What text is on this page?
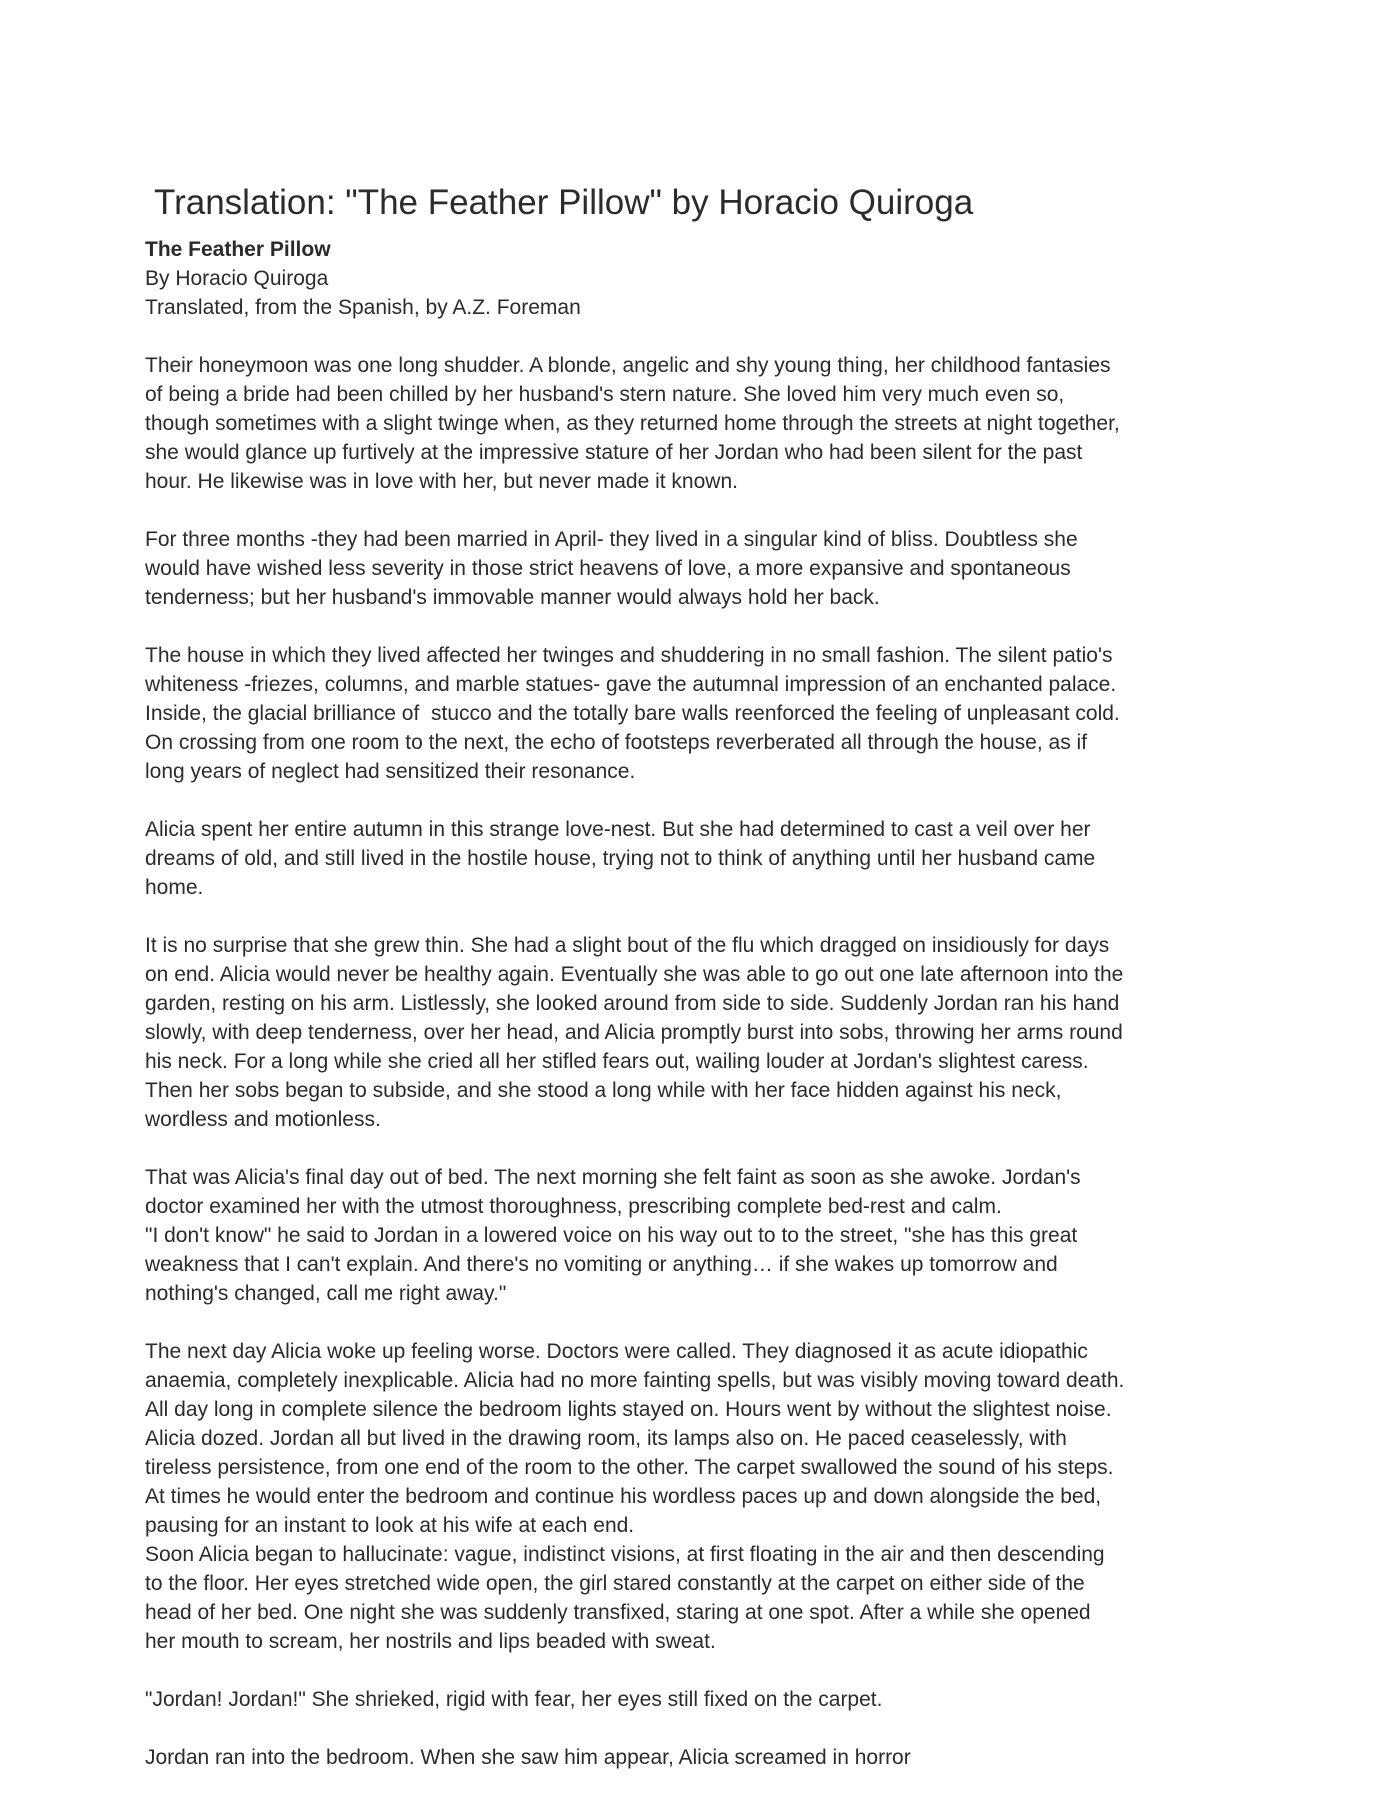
Translation: "The Feather Pillow" by Horacio Quiroga
The Feather Pillow
By Horacio Quiroga
Translated, from the Spanish, by A.Z. Foreman

Their honeymoon was one long shudder. A blonde, angelic and shy young thing, her childhood fantasies
of being a bride had been chilled by her husband's stern nature. She loved him very much even so,
though sometimes with a slight twinge when, as they returned home through the streets at night together,
she would glance up furtively at the impressive stature of her Jordan who had been silent for the past
hour. He likewise was in love with her, but never made it known.

For three months -they had been married in April- they lived in a singular kind of bliss. Doubtless she
would have wished less severity in those strict heavens of love, a more expansive and spontaneous
tenderness; but her husband's immovable manner would always hold her back.

The house in which they lived affected her twinges and shuddering in no small fashion. The silent patio's
whiteness -friezes, columns, and marble statues- gave the autumnal impression of an enchanted palace.
Inside, the glacial brilliance of  stucco and the totally bare walls reenforced the feeling of unpleasant cold.
On crossing from one room to the next, the echo of footsteps reverberated all through the house, as if
long years of neglect had sensitized their resonance.

Alicia spent her entire autumn in this strange love-nest. But she had determined to cast a veil over her
dreams of old, and still lived in the hostile house, trying not to think of anything until her husband came
home.

It is no surprise that she grew thin. She had a slight bout of the flu which dragged on insidiously for days
on end. Alicia would never be healthy again. Eventually she was able to go out one late afternoon into the
garden, resting on his arm. Listlessly, she looked around from side to side. Suddenly Jordan ran his hand
slowly, with deep tenderness, over her head, and Alicia promptly burst into sobs, throwing her arms round
his neck. For a long while she cried all her stifled fears out, wailing louder at Jordan's slightest caress.
Then her sobs began to subside, and she stood a long while with her face hidden against his neck,
wordless and motionless.

That was Alicia's final day out of bed. The next morning she felt faint as soon as she awoke. Jordan's
doctor examined her with the utmost thoroughness, prescribing complete bed-rest and calm.
"I don't know" he said to Jordan in a lowered voice on his way out to to the street, "she has this great
weakness that I can't explain. And there's no vomiting or anything… if she wakes up tomorrow and
nothing's changed, call me right away."

The next day Alicia woke up feeling worse. Doctors were called. They diagnosed it as acute idiopathic
anaemia, completely inexplicable. Alicia had no more fainting spells, but was visibly moving toward death.
All day long in complete silence the bedroom lights stayed on. Hours went by without the slightest noise.
Alicia dozed. Jordan all but lived in the drawing room, its lamps also on. He paced ceaselessly, with
tireless persistence, from one end of the room to the other. The carpet swallowed the sound of his steps.
At times he would enter the bedroom and continue his wordless paces up and down alongside the bed,
pausing for an instant to look at his wife at each end.
Soon Alicia began to hallucinate: vague, indistinct visions, at first floating in the air and then descending
to the floor. Her eyes stretched wide open, the girl stared constantly at the carpet on either side of the
head of her bed. One night she was suddenly transfixed, staring at one spot. After a while she opened
her mouth to scream, her nostrils and lips beaded with sweat.

"Jordan! Jordan!" She shrieked, rigid with fear, her eyes still fixed on the carpet.

Jordan ran into the bedroom. When she saw him appear, Alicia screamed in horror
